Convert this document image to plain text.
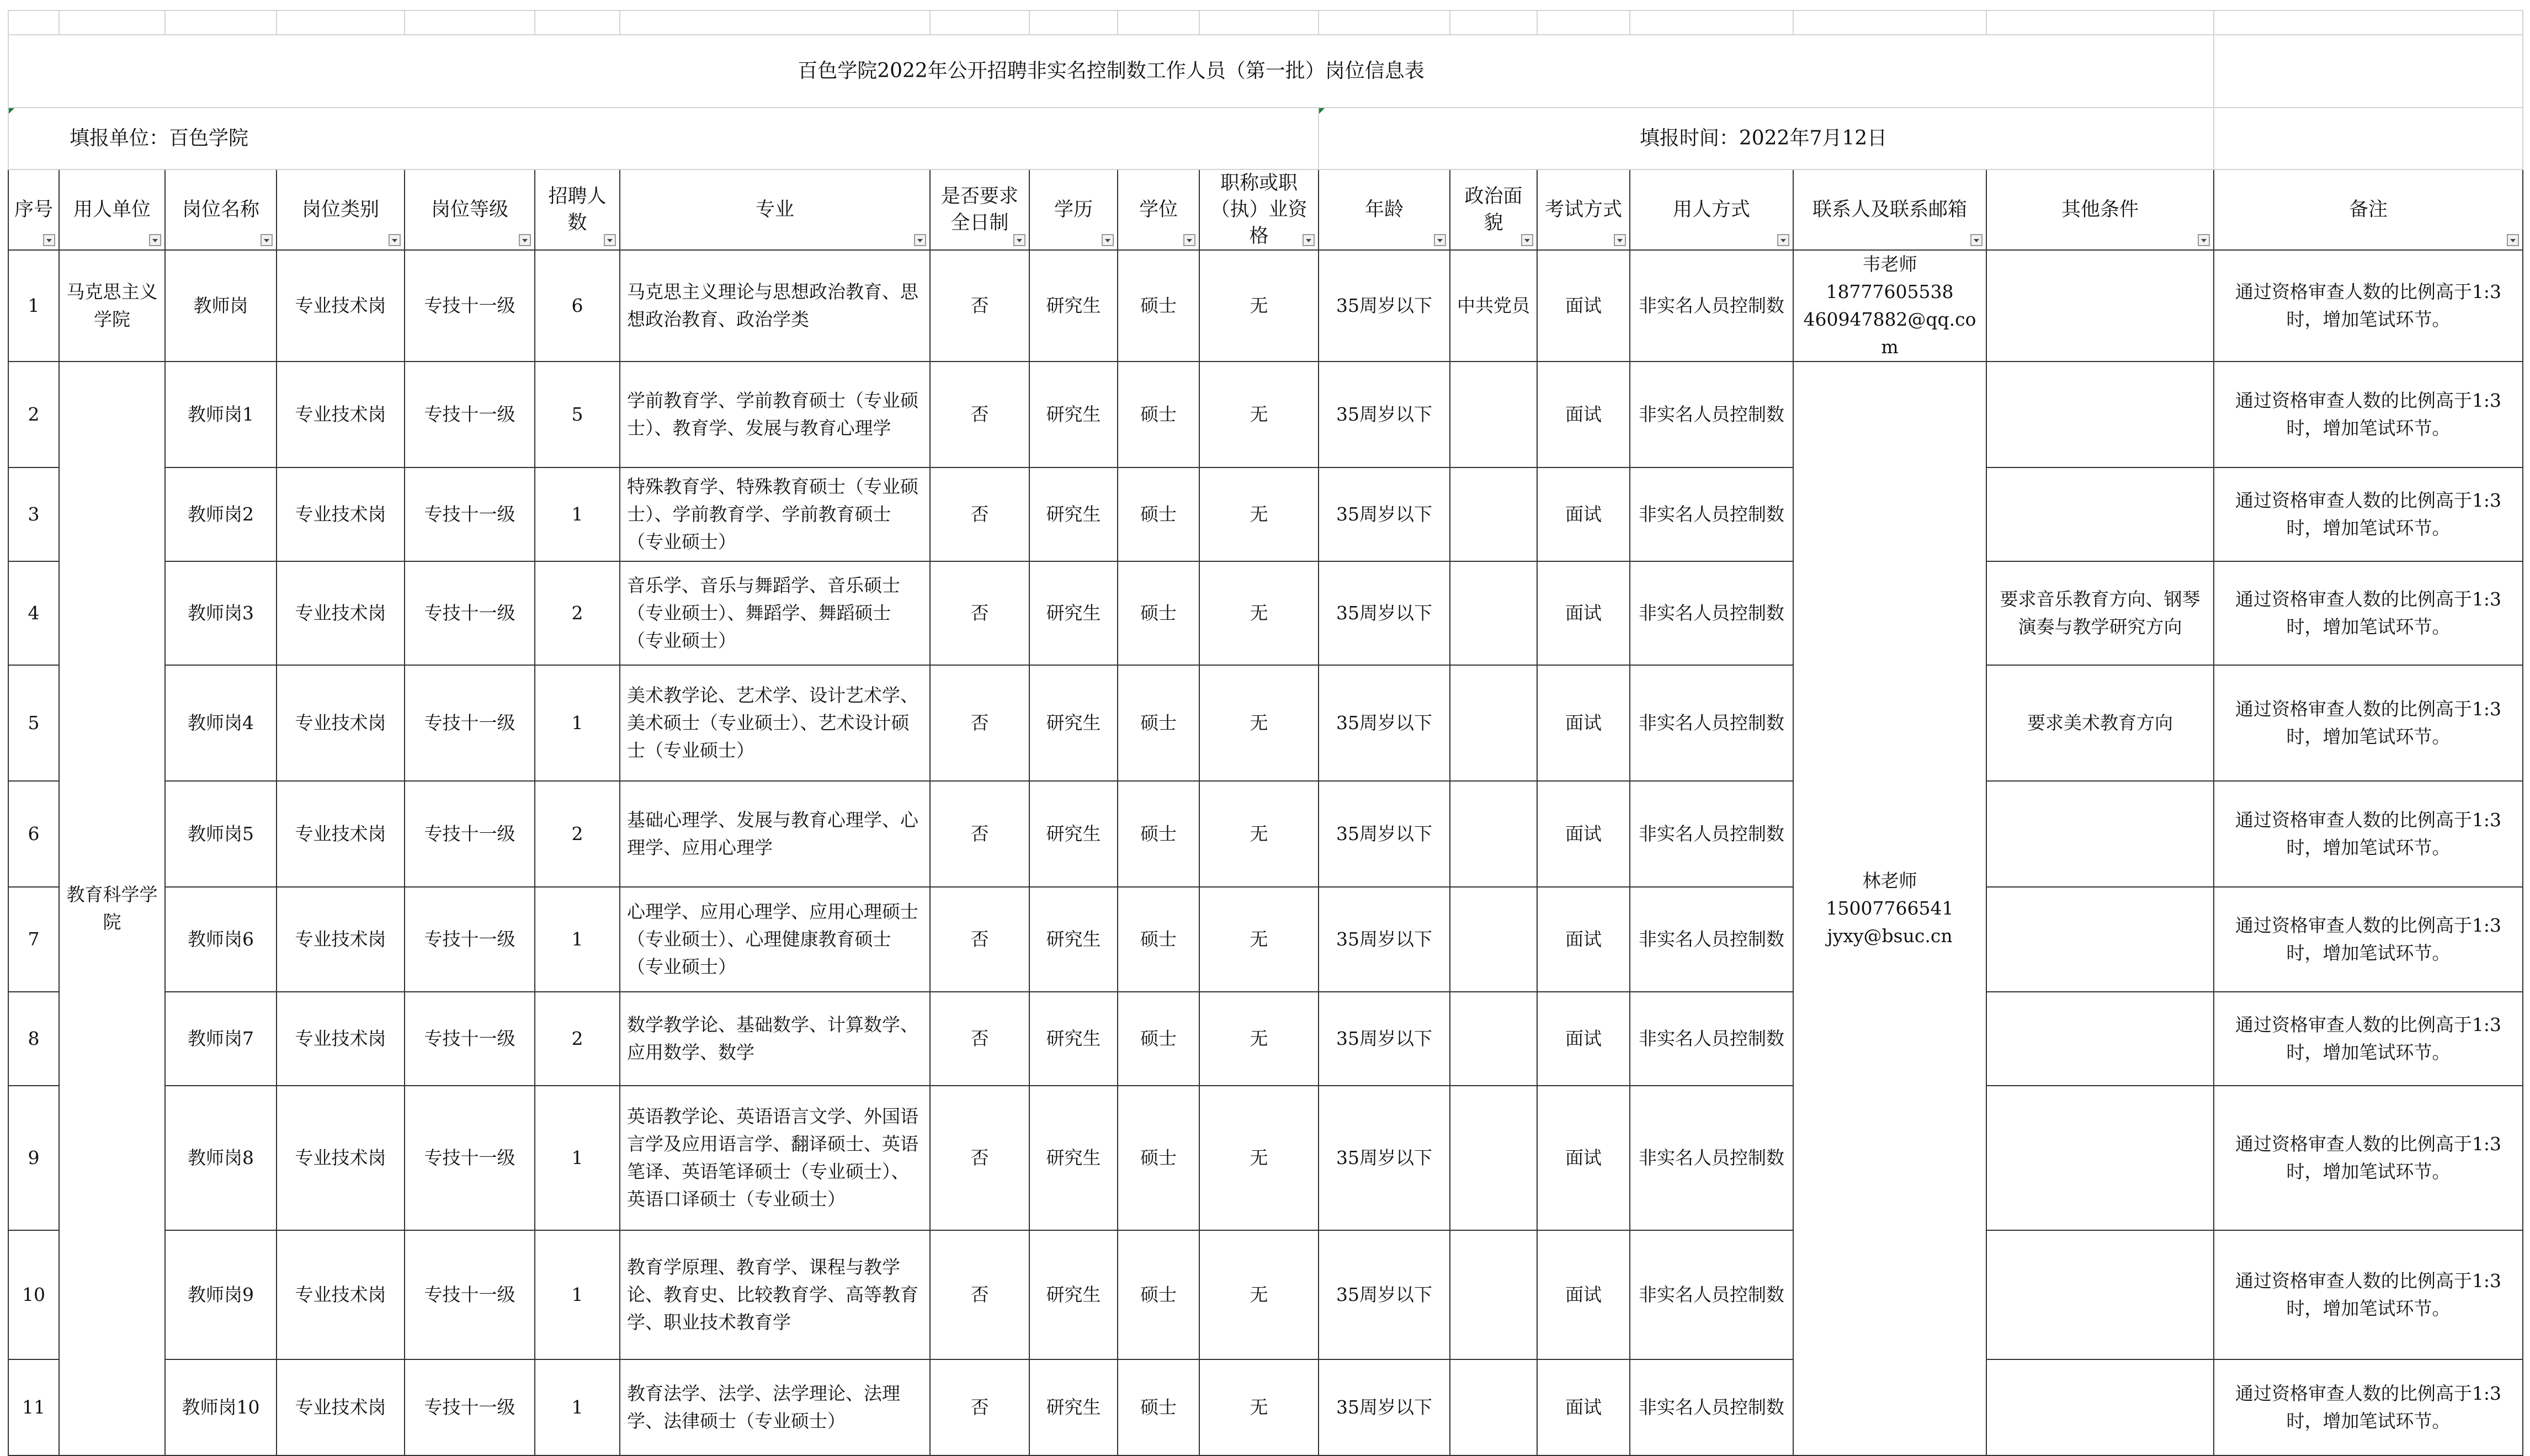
百色学院2022年公开招聘非实名控制数工作人员（第一批）岗位信息表																	

填报单位：百色学院											填报时间：2022年7月12日						
序号	用人单位	岗位名称	岗位类别	岗位等级	招聘人数	专业	是否要求全日制	学历	学位	职称或职（执）业资格	年龄	政治面貌	考试方式	用人方式	联系人及联系邮箱	其他条件	备注

1	马克思主义学院	教师岗	专业技术岗	专技十一级	6	马克思主义理论与思想政治教育、思想政治教育、政治学类	否	研究生	硕士	无	35周岁以下	中共党员	面试	非实名人员控制数	韦老师
18777605538
460947882@qq.com		通过资格审查人数的比例高于1:3时，增加笔试环节。
2	教育科学学院	教师岗1	专业技术岗	专技十一级	5	学前教育学、学前教育硕士（专业硕士）、教育学、发展与教育心理学	否	研究生	硕士	无	35周岁以下		面试	非实名人员控制数	林老师
15007766541
jyxy@bsuc.cn		通过资格审查人数的比例高于1:3时，增加笔试环节。
3		教师岗2	专业技术岗	专技十一级	1	特殊教育学、特殊教育硕士（专业硕士）、学前教育学、学前教育硕士（专业硕士）	否	研究生	硕士	无	35周岁以下		面试	非实名人员控制数			通过资格审查人数的比例高于1:3时，增加笔试环节。
4		教师岗3	专业技术岗	专技十一级	2	音乐学、音乐与舞蹈学、音乐硕士（专业硕士）、舞蹈学、舞蹈硕士（专业硕士）	否	研究生	硕士	无	35周岁以下		面试	非实名人员控制数		要求音乐教育方向、钢琴演奏与教学研究方向	通过资格审查人数的比例高于1:3时，增加笔试环节。
5		教师岗4	专业技术岗	专技十一级	1	美术教学论、艺术学、设计艺术学、美术硕士（专业硕士）、艺术设计硕士（专业硕士）	否	研究生	硕士	无	35周岁以下		面试	非实名人员控制数		要求美术教育方向	通过资格审查人数的比例高于1:3时，增加笔试环节。
6		教师岗5	专业技术岗	专技十一级	2	基础心理学、发展与教育心理学、心理学、应用心理学	否	研究生	硕士	无	35周岁以下		面试	非实名人员控制数			通过资格审查人数的比例高于1:3时，增加笔试环节。
7		教师岗6	专业技术岗	专技十一级	1	心理学、应用心理学、应用心理硕士（专业硕士）、心理健康教育硕士（专业硕士）	否	研究生	硕士	无	35周岁以下		面试	非实名人员控制数			通过资格审查人数的比例高于1:3时，增加笔试环节。
8		教师岗7	专业技术岗	专技十一级	2	数学教学论、基础数学、计算数学、应用数学、数学	否	研究生	硕士	无	35周岁以下		面试	非实名人员控制数			通过资格审查人数的比例高于1:3时，增加笔试环节。
9		教师岗8	专业技术岗	专技十一级	1	英语教学论、英语语言文学、外国语言学及应用语言学、翻译硕士、英语笔译、英语笔译硕士（专业硕士）、英语口译硕士（专业硕士）	否	研究生	硕士	无	35周岁以下		面试	非实名人员控制数			通过资格审查人数的比例高于1:3时，增加笔试环节。
10		教师岗9	专业技术岗	专技十一级	1	教育学原理、教育学、课程与教学论、教育史、比较教育学、高等教育学、职业技术教育学	否	研究生	硕士	无	35周岁以下		面试	非实名人员控制数			通过资格审查人数的比例高于1:3时，增加笔试环节。
11		教师岗10	专业技术岗	专技十一级	1	教育法学、法学、法学理论、法理学、法律硕士（专业硕士）	否	研究生	硕士	无	35周岁以下		面试	非实名人员控制数			通过资格审查人数的比例高于1:3时，增加笔试环节。
